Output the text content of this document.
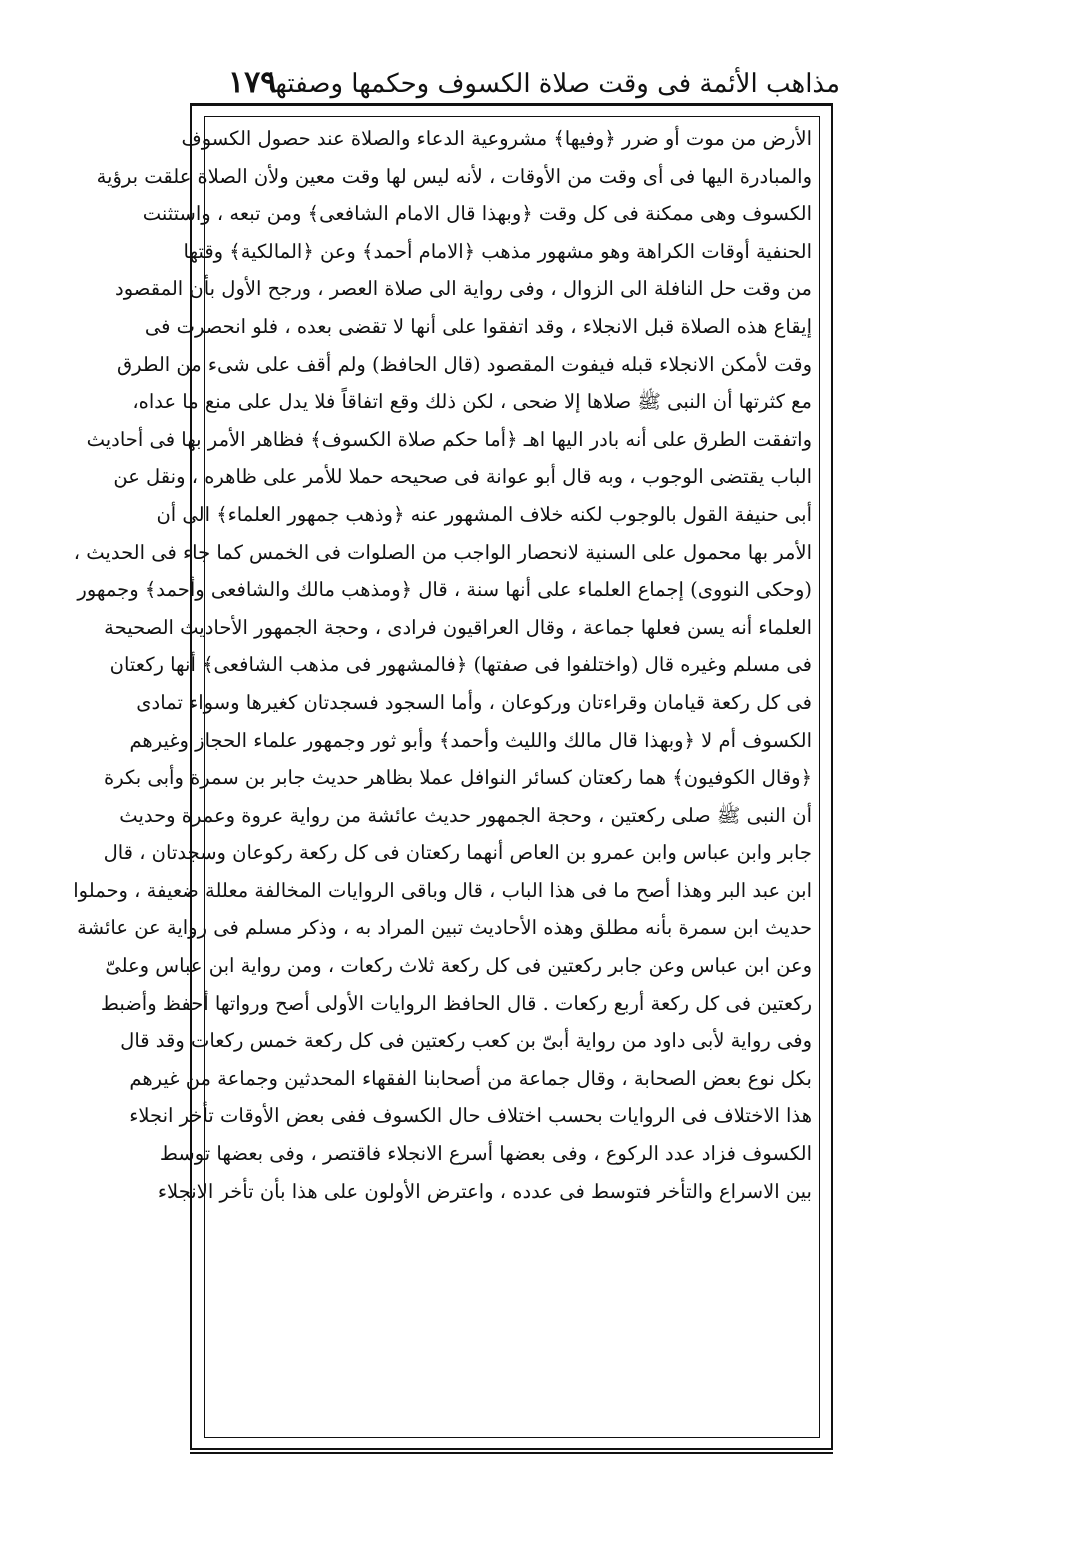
مذاهب الأئمة فى وقت صلاة الكسوف وحكمها وصفتها
١٧٩
الأرض من موت أو ضرر ﴿وفيها﴾ مشروعية الدعاء والصلاة عند حصول الكسوف
والمبادرة اليها فى أى وقت من الأوقات ، لأنه ليس لها وقت معين ولأن الصلاة علقت برؤية
الكسوف وهى ممكنة فى كل وقت ﴿وبهذا قال الامام الشافعى﴾ ومن تبعه ، واستثنت
الحنفية أوقات الكراهة وهو مشهور مذهب ﴿الامام أحمد﴾ وعن ﴿المالكية﴾ وقتها
من وقت حل النافلة الى الزوال ، وفى رواية الى صلاة العصر ، ورجح الأول بأن المقصود
إيقاع هذه الصلاة قبل الانجلاء ، وقد اتفقوا على أنها لا تقضى بعده ، فلو انحصرت فى
وقت لأمكن الانجلاء قبله فيفوت المقصود (قال الحافظ) ولم أقف على شىء من الطرق
مع كثرتها أن النبى ﷺ صلاها إلا ضحى ، لكن ذلك وقع اتفاقاً فلا يدل على منع ما عداه،
واتفقت الطرق على أنه بادر اليها اهـ ﴿أما حكم صلاة الكسوف﴾ فظاهر الأمر بها فى أحاديث
الباب يقتضى الوجوب ، وبه قال أبو عوانة فى صحيحه حملا للأمر على ظاهره ، ونقل عن
أبى حنيفة القول بالوجوب لكنه خلاف المشهور عنه ﴿وذهب جمهور العلماء﴾ الى أن
الأمر بها محمول على السنية لانحصار الواجب من الصلوات فى الخمس كما جاء فى الحديث ،
(وحكى النووى) إجماع العلماء على أنها سنة ، قال ﴿ومذهب مالك والشافعى وأحمد﴾ وجمهور
العلماء أنه يسن فعلها جماعة ، وقال العراقيون فرادى ، وحجة الجمهور الأحاديث الصحيحة
فى مسلم وغيره قال (واختلفوا فى صفتها) ﴿فالمشهور فى مذهب الشافعى﴾ أنها ركعتان
فى كل ركعة قيامان وقراءتان وركوعان ، وأما السجود فسجدتان كغيرها وسواء تمادى
الكسوف أم لا ﴿وبهذا قال مالك والليث وأحمد﴾ وأبو ثور وجمهور علماء الحجاز وغيرهم
﴿وقال الكوفيون﴾ هما ركعتان كسائر النوافل عملا بظاهر حديث جابر بن سمرة وأبى بكرة
أن النبى ﷺ صلى ركعتين ، وحجة الجمهور حديث عائشة من رواية عروة وعمرة وحديث
جابر وابن عباس وابن عمرو بن العاص أنهما ركعتان فى كل ركعة ركوعان وسجدتان ، قال
ابن عبد البر وهذا أصح ما فى هذا الباب ، قال وباقى الروايات المخالفة معللة ضعيفة ، وحملوا
حديث ابن سمرة بأنه مطلق وهذه الأحاديث تبين المراد به ، وذكر مسلم فى رواية عن عائشة
وعن ابن عباس وعن جابر ركعتين فى كل ركعة ثلاث ركعات ، ومن رواية ابن عباس وعلىّ
ركعتين فى كل ركعة أربع ركعات . قال الحافظ الروايات الأولى أصح ورواتها أحفظ وأضبط
وفى رواية لأبى داود من رواية أبىّ بن كعب ركعتين فى كل ركعة خمس ركعات وقد قال
بكل نوع بعض الصحابة ، وقال جماعة من أصحابنا الفقهاء المحدثين وجماعة من غيرهم
هذا الاختلاف فى الروايات بحسب اختلاف حال الكسوف ففى بعض الأوقات تأخر انجلاء
الكسوف فزاد عدد الركوع ، وفى بعضها أسرع الانجلاء فاقتصر ، وفى بعضها توسط
بين الاسراع والتأخر فتوسط فى عدده ، واعترض الأولون على هذا بأن تأخر الانجلاء
